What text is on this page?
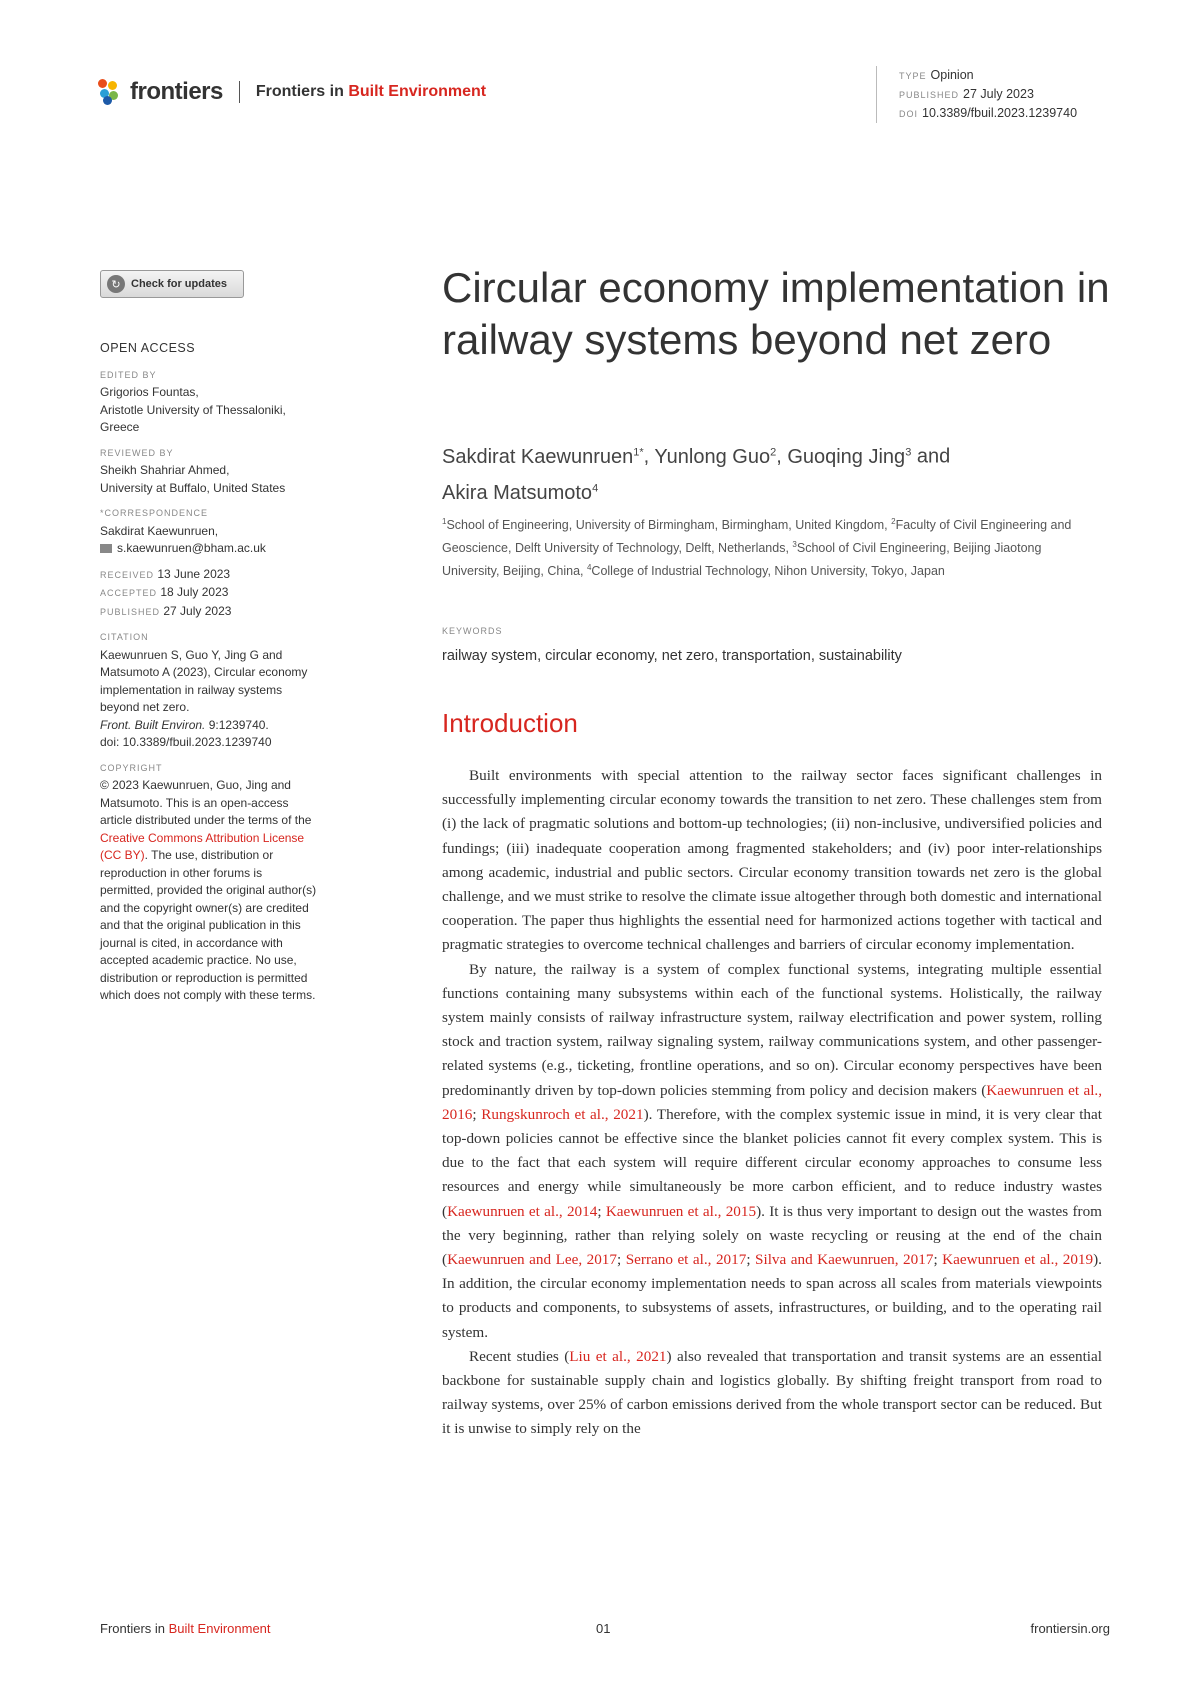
frontiers Frontiers in Built Environment
TYPE Opinion
PUBLISHED 27 July 2023
DOI 10.3389/fbuil.2023.1239740
↻ Check for updates
OPEN ACCESS
EDITED BY
Grigorios Fountas,
Aristotle University of Thessaloniki,
Greece
REVIEWED BY
Sheikh Shahriar Ahmed,
University at Buffalo, United States
*CORRESPONDENCE
Sakdirat Kaewunruen,
s.kaewunruen@bham.ac.uk
RECEIVED 13 June 2023
ACCEPTED 18 July 2023
PUBLISHED 27 July 2023
CITATION
Kaewunruen S, Guo Y, Jing G and
Matsumoto A (2023), Circular economy
implementation in railway systems
beyond net zero.
Front. Built Environ. 9:1239740.
doi: 10.3389/fbuil.2023.1239740
COPYRIGHT
© 2023 Kaewunruen, Guo, Jing and
Matsumoto. This is an open-access
article distributed under the terms of the
Creative Commons Attribution License
(CC BY). The use, distribution or
reproduction in other forums is
permitted, provided the original author(s)
and the copyright owner(s) are credited
and that the original publication in this
journal is cited, in accordance with
accepted academic practice. No use,
distribution or reproduction is permitted
which does not comply with these terms.
Circular economy implementation in railway systems beyond net zero
Sakdirat Kaewunruen$^{1*}$, Yunlong Guo$^2$, Guoqing Jing$^3$ and
Akira Matsumoto$^4$
$^1$School of Engineering, University of Birmingham, Birmingham, United Kingdom, $^2$Faculty of Civil Engineering and Geoscience, Delft University of Technology, Delft, Netherlands, $^3$School of Civil Engineering, Beijing Jiaotong University, Beijing, China, $^4$College of Industrial Technology, Nihon University, Tokyo, Japan
KEYWORDS
railway system, circular economy, net zero, transportation, sustainability
Introduction

Built environments with special attention to the railway sector faces significant challenges in successfully implementing circular economy towards the transition to net zero. These challenges stem from (i) the lack of pragmatic solutions and bottom-up technologies; (ii) non-inclusive, undiversified policies and fundings; (iii) inadequate cooperation among fragmented stakeholders; and (iv) poor inter-relationships among academic, industrial and public sectors. Circular economy transition towards net zero is the global challenge, and we must strike to resolve the climate issue altogether through both domestic and international cooperation. The paper thus highlights the essential need for harmonized actions together with tactical and pragmatic strategies to overcome technical challenges and barriers of circular economy implementation.

By nature, the railway is a system of complex functional systems, integrating multiple essential functions containing many subsystems within each of the functional systems. Holistically, the railway system mainly consists of railway infrastructure system, railway electrification and power system, rolling stock and traction system, railway signaling system, railway communications system, and other passenger-related systems (e.g., ticketing, frontline operations, and so on). Circular economy perspectives have been predominantly driven by top-down policies stemming from policy and decision makers (Kaewunruen et al., 2016; Rungskunroch et al., 2021). Therefore, with the complex systemic issue in mind, it is very clear that top-down policies cannot be effective since the blanket policies cannot fit every complex system. This is due to the fact that each system will require different circular economy approaches to consume less resources and energy while simultaneously be more carbon efficient, and to reduce industry wastes (Kaewunruen et al., 2014; Kaewunruen et al., 2015). It is thus very important to design out the wastes from the very beginning, rather than relying solely on waste recycling or reusing at the end of the chain (Kaewunruen and Lee, 2017; Serrano et al., 2017; Silva and Kaewunruen, 2017; Kaewunruen et al., 2019). In addition, the circular economy implementation needs to span across all scales from materials viewpoints to products and components, to subsystems of assets, infrastructures, or building, and to the operating rail system.

Recent studies (Liu et al., 2021) also revealed that transportation and transit systems are an essential backbone for sustainable supply chain and logistics globally. By shifting freight transport from road to railway systems, over 25% of carbon emissions derived from the whole transport sector can be reduced. But it is unwise to simply rely on the

Frontiers in Built Environment	01	frontiersin.org
